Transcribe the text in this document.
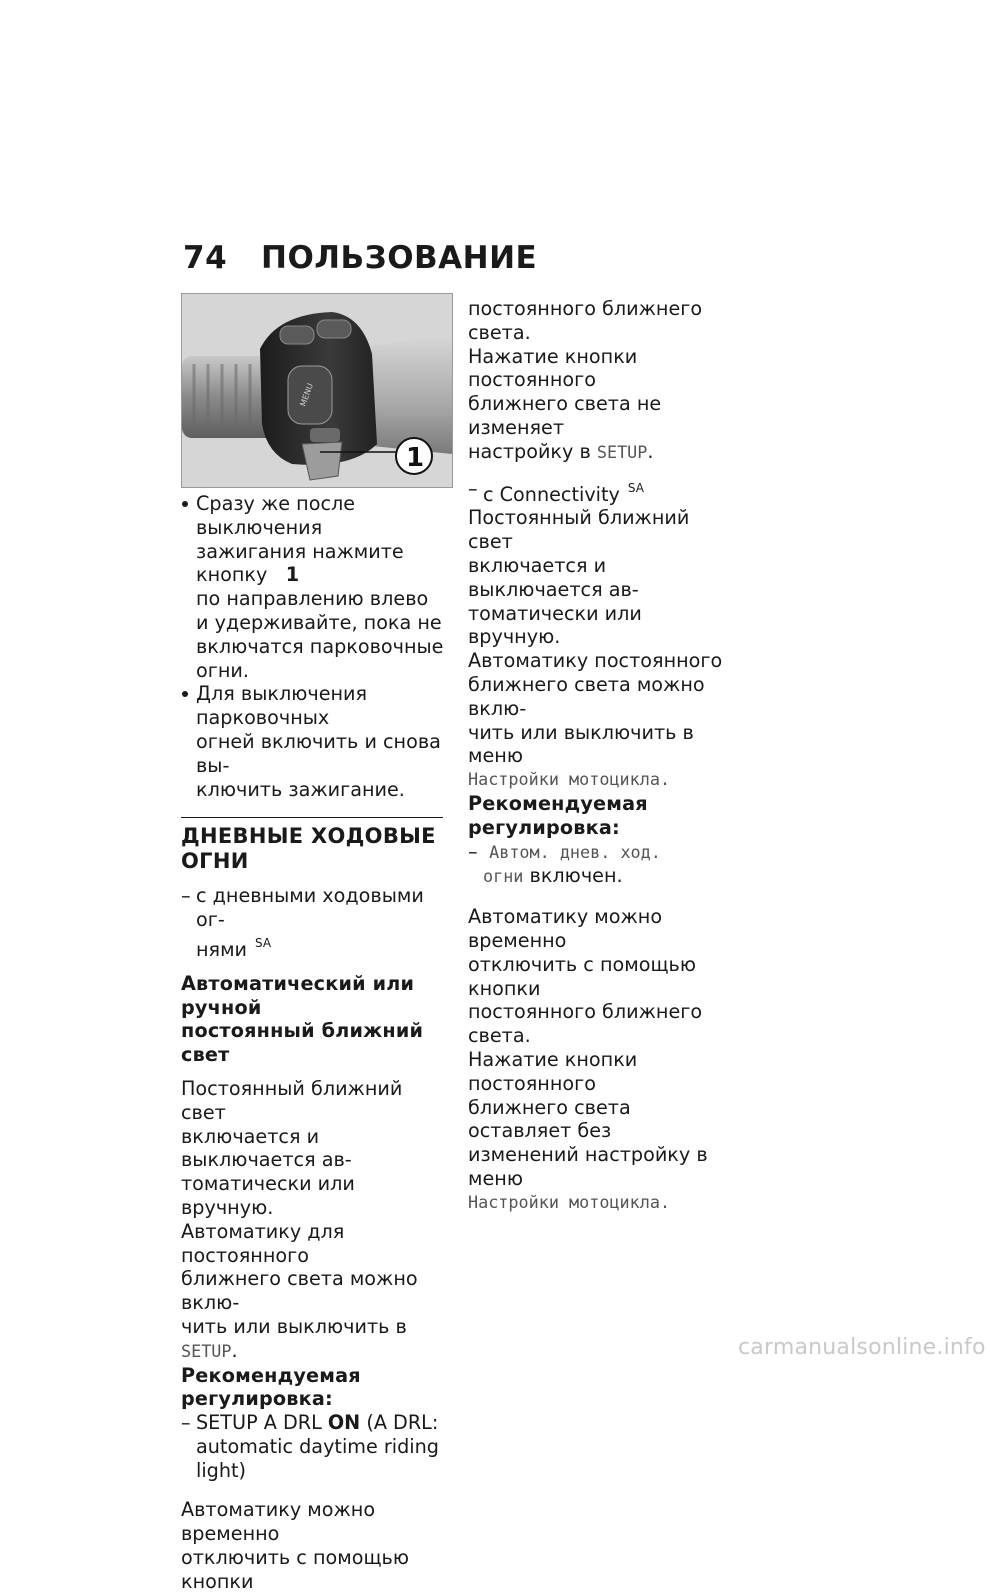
74 ПОЛЬЗОВАНИЕ
MENU
1
Сразу же после выключения
зажигания нажмите кнопку 1
по направлению влево
и удерживайте, пока не
включатся парковочные огни.
Для выключения парковочных
огней включить и снова вы-
ключить зажигание.
ДНЕВНЫЕ ХОДОВЫЕ
ОГНИ
– с дневными ходовыми ог-
нями $^{SA}$
Автоматический или ручной
постоянный ближний свет
Постоянный ближний свет
включается и выключается ав-
томатически или вручную.
Автоматику для постоянного
ближнего света можно вклю-
чить или выключить в SETUP.
Рекомендуемая
регулировка:
– SETUP A DRL ON (A DRL:
automatic daytime riding light)
Автоматику можно временно
отключить с помощью кнопки
постоянного ближнего света.
Нажатие кнопки постоянного
ближнего света не изменяет
настройку в SETUP.
– с Connectivity $^{SA}$
Постоянный ближний свет
включается и выключается ав-
томатически или вручную.
Автоматику постоянного
ближнего света можно вклю-
чить или выключить в меню
Настройки мотоцикла.
Рекомендуемая
регулировка:
– Автом. днев. ход.
огни включен.
Автоматику можно временно
отключить с помощью кнопки
постоянного ближнего света.
Нажатие кнопки постоянного
ближнего света оставляет без
изменений настройку в меню
Настройки мотоцикла.
carmanualsonline.info
